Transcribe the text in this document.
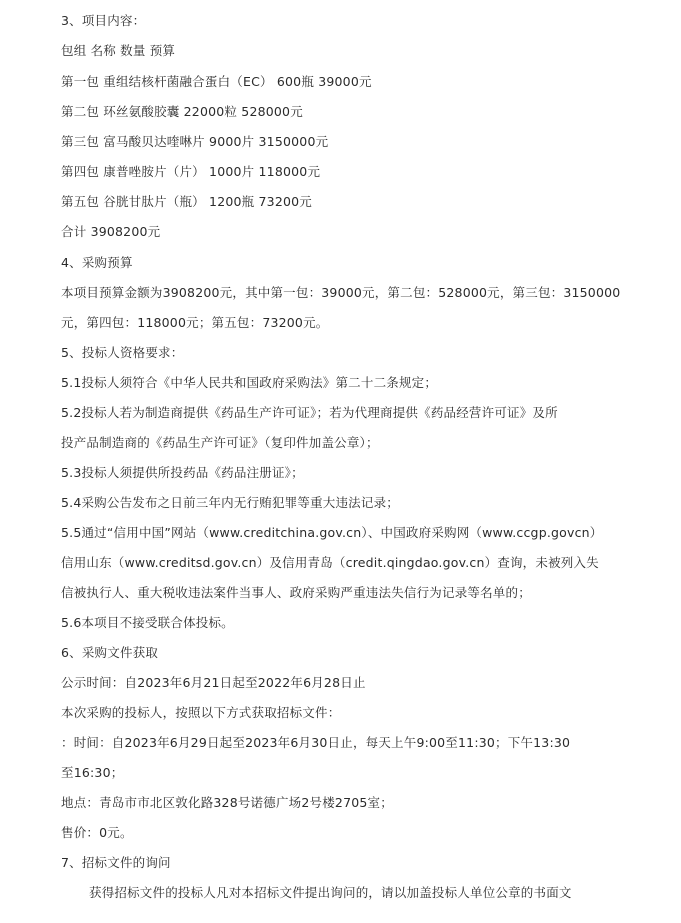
3、项目内容：
包组 名称 数量 预算
第一包 重组结核杆菌融合蛋白（EC） 600瓶 39000元
第二包 环丝氨酸胶囊 22000粒 528000元
第三包 富马酸贝达喹啉片 9000片 3150000元
第四包 康普唑胺片（片） 1000片 118000元
第五包 谷胱甘肽片（瓶） 1200瓶 73200元
合计 3908200元
4、采购预算
本项目预算金额为3908200元，其中第一包：39000元，第二包：528000元，第三包：3150000
元，第四包：118000元；第五包：73200元。
5、投标人资格要求：
5.1投标人须符合《中华人民共和国政府采购法》第二十二条规定；
5.2投标人若为制造商提供《药品生产许可证》；若为代理商提供《药品经营许可证》及所
投产品制造商的《药品生产许可证》（复印件加盖公章）；
5.3投标人须提供所投药品《药品注册证》；
5.4采购公告发布之日前三年内无行贿犯罪等重大违法记录；
5.5通过“信用中国”网站（www.creditchina.gov.cn）、中国政府采购网（www.ccgp.govcn）
信用山东（www.creditsd.gov.cn）及信用青岛（credit.qingdao.gov.cn）查询，未被列入失
信被执行人、重大税收违法案件当事人、政府采购严重违法失信行为记录等名单的；
5.6本项目不接受联合体投标。
6、采购文件获取
公示时间：自2023年6月21日起至2022年6月28日止
本次采购的投标人，按照以下方式获取招标文件：
：时间：自2023年6月29日起至2023年6月30日止，每天上午9:00至11:30；下午13:30
至16:30；
地点：青岛市市北区敦化路328号诺德广场2号楼2705室；
售价：0元。
7、招标文件的询问
获得招标文件的投标人凡对本招标文件提出询问的，请以加盖投标人单位公章的书面文
